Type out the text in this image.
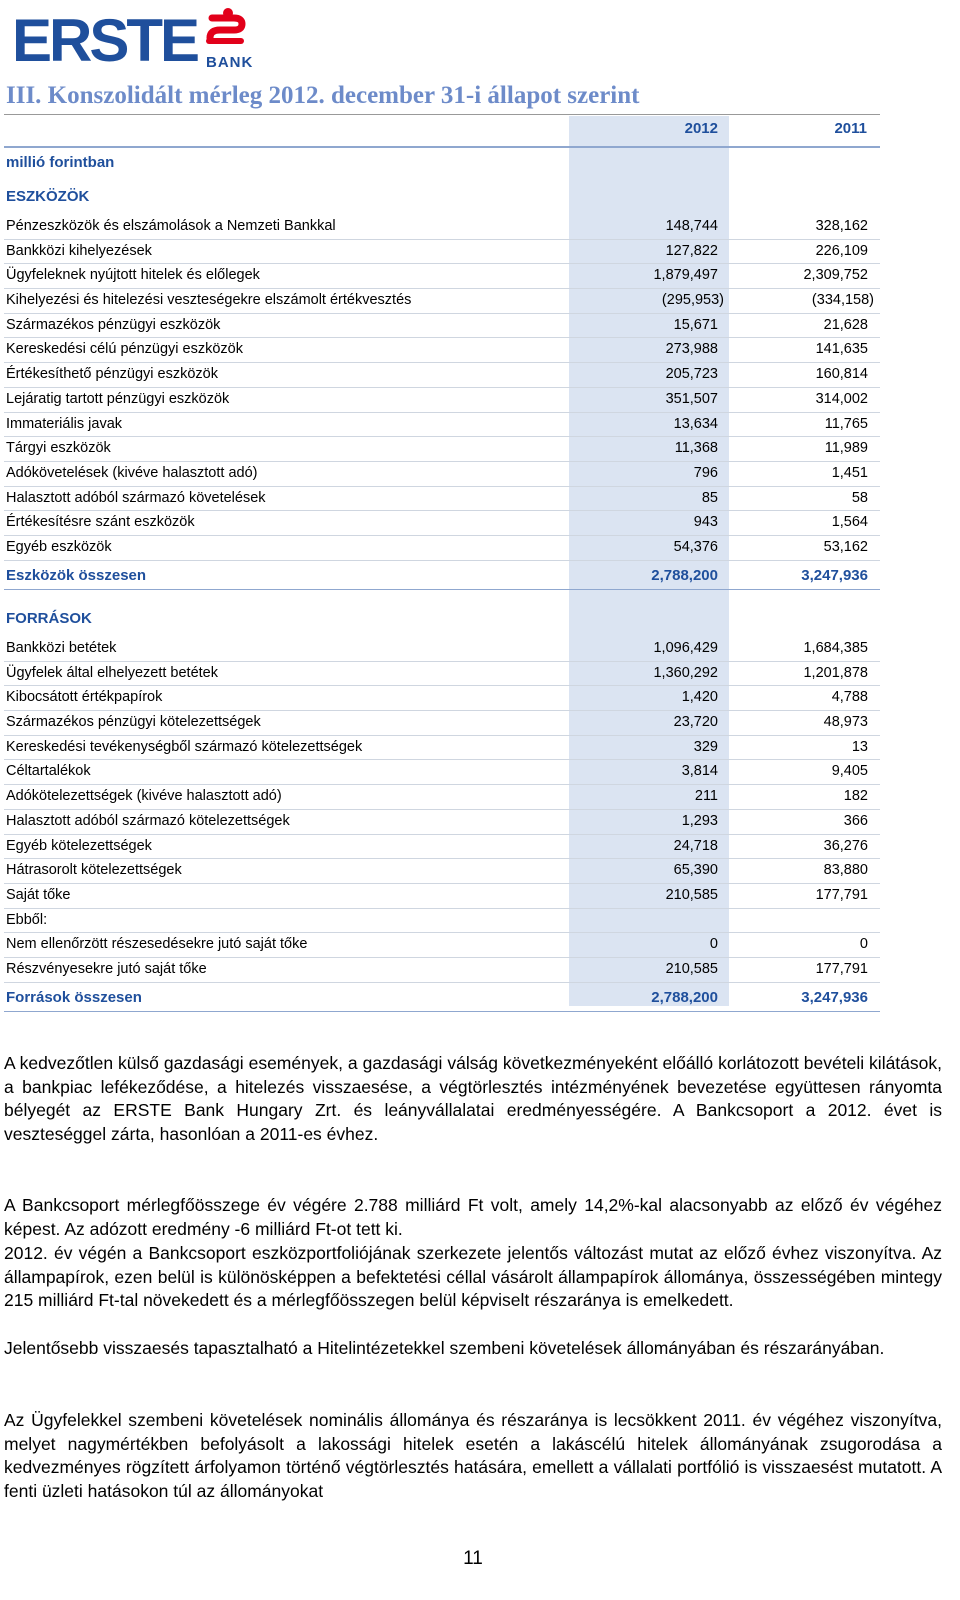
ERSTE BANK
III. Konszolidált mérleg 2012. december 31-i állapot szerint
2012	2011
millió forintban
ESZKÖZÖK
Pénzeszközök és elszámolások a Nemzeti Bankkal	148,744	328,162
Bankközi kihelyezések	127,822	226,109
Ügyfeleknek nyújtott hitelek és előlegek	1,879,497	2,309,752
Kihelyezési és hitelezési veszteségekre elszámolt értékvesztés	(295,953)	(334,158)
Származékos pénzügyi eszközök	15,671	21,628
Kereskedési célú pénzügyi eszközök	273,988	141,635
Értékesíthető pénzügyi eszközök	205,723	160,814
Lejáratig tartott pénzügyi eszközök	351,507	314,002
Immateriális javak	13,634	11,765
Tárgyi eszközök	11,368	11,989
Adókövetelések (kivéve halasztott adó)	796	1,451
Halasztott adóból származó követelések	85	58
Értékesítésre szánt eszközök	943	1,564
Egyéb eszközök	54,376	53,162
Eszközök összesen	2,788,200	3,247,936
FORRÁSOK
Bankközi betétek	1,096,429	1,684,385
Ügyfelek által elhelyezett betétek	1,360,292	1,201,878
Kibocsátott értékpapírok	1,420	4,788
Származékos pénzügyi kötelezettségek	23,720	48,973
Kereskedési tevékenységből származó kötelezettségek	329	13
Céltartalékok	3,814	9,405
Adókötelezettségek (kivéve halasztott adó)	211	182
Halasztott adóból származó kötelezettségek	1,293	366
Egyéb kötelezettségek	24,718	36,276
Hátrasorolt kötelezettségek	65,390	83,880
Saját tőke	210,585	177,791
Ebből:
Nem ellenőrzött részesedésekre jutó saját tőke	0	0
Részvényesekre jutó saját tőke	210,585	177,791
Források összesen	2,788,200	3,247,936
A kedvezőtlen külső gazdasági események, a gazdasági válság következményeként előálló korlátozott bevételi kilátások, a bankpiac lefékeződése, a hitelezés visszaesése, a végtörlesztés intézményének bevezetése együttesen rányomta bélyegét az ERSTE Bank Hungary Zrt. és leányvállalatai eredményességére. A Bankcsoport a 2012. évet is veszteséggel zárta, hasonlóan a 2011-es évhez.
A Bankcsoport mérlegfőösszege év végére 2.788 milliárd Ft volt, amely 14,2%-kal alacsonyabb az előző év végéhez képest. Az adózott eredmény -6 milliárd Ft-ot tett ki.
2012. év végén a Bankcsoport eszközportfoliójának szerkezete jelentős változást mutat az előző évhez viszonyítva. Az állampapírok, ezen belül is különösképpen a befektetési céllal vásárolt állampapírok állománya, összességében mintegy 215 milliárd Ft-tal növekedett és a mérlegfőösszegen belül képviselt részaránya is emelkedett.
Jelentősebb visszaesés tapasztalható a Hitelintézetekkel szembeni követelések állományában és részarányában.
Az Ügyfelekkel szembeni követelések nominális állománya és részaránya is lecsökkent 2011. év végéhez viszonyítva, melyet nagymértékben befolyásolt a lakossági hitelek esetén a lakáscélú hitelek állományának zsugorodása a kedvezményes rögzített árfolyamon történő végtörlesztés hatására, emellett a vállalati portfólió is visszaesést mutatott. A fenti üzleti hatásokon túl az állományokat
11
